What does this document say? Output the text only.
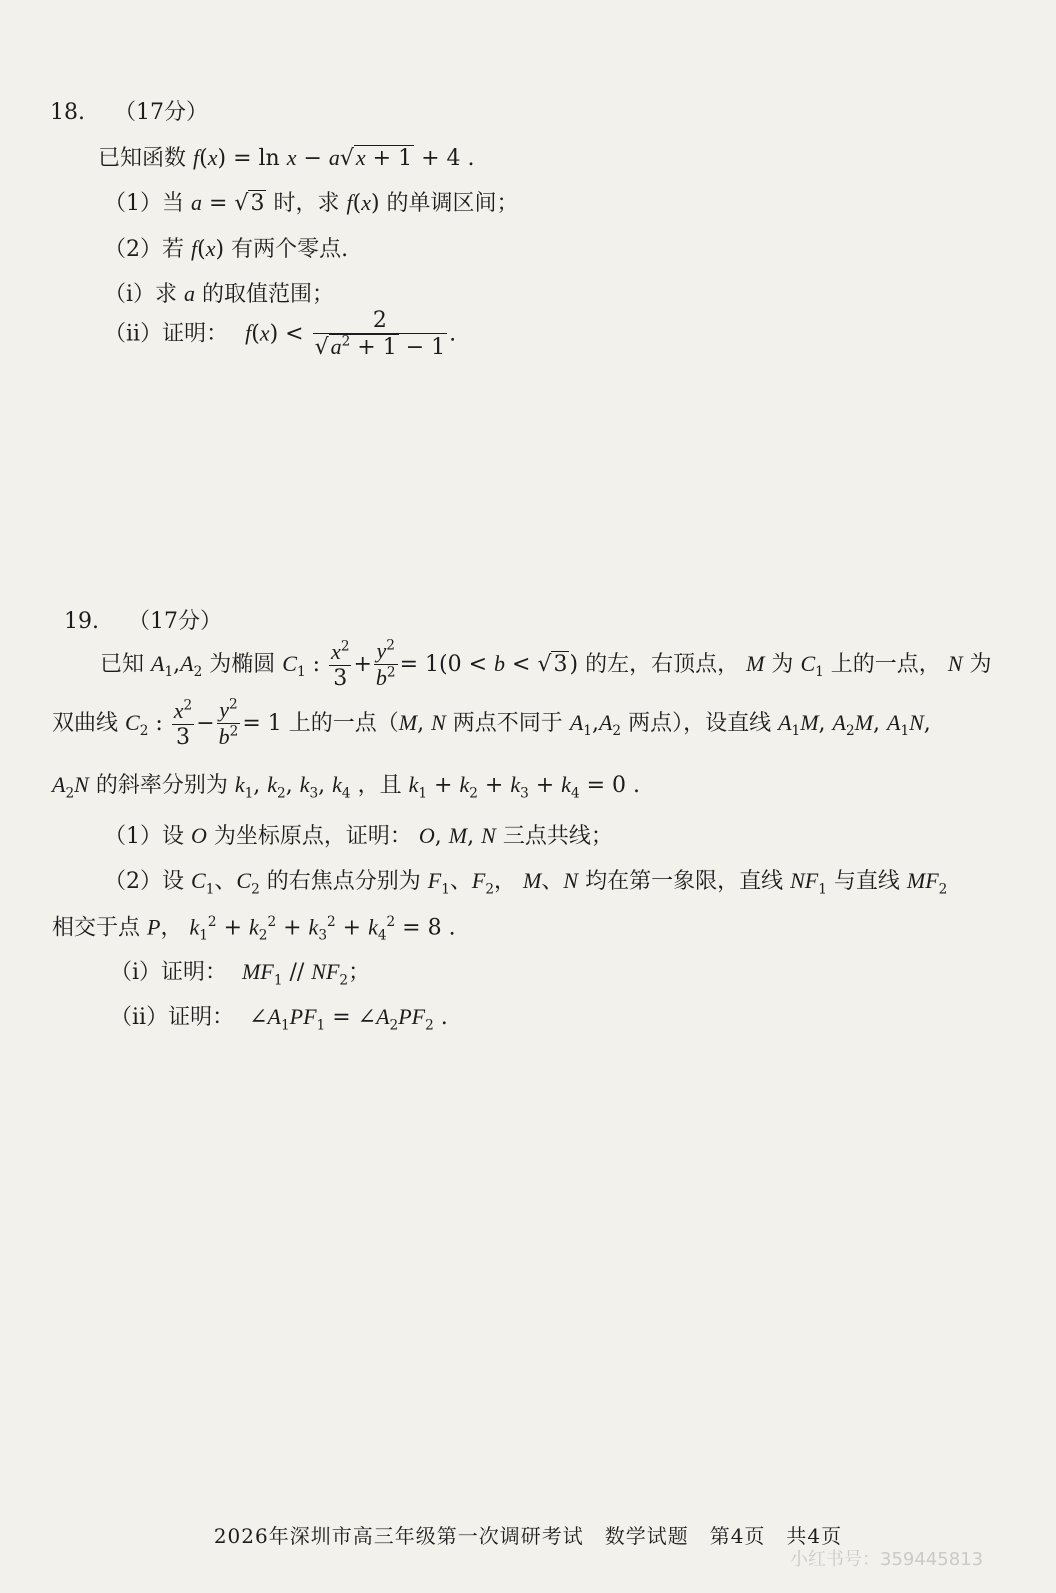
18. （17分）
已知函数 f(x) = ln x − a√x + 1 + 4 .
（1）当 a = √3 时，求 f(x) 的单调区间；
（2）若 f(x) 有两个零点.
（i）求 a 的取值范围；
（ii）证明： $f(x) < \frac{2}{√a^2 + 1 - 1}$ .
19. （17分）
已知 $A_1,A_2$ 为椭圆 $C_1$ : $\frac{x^2}{3} + \frac{y^2}{b^2} = 1(0 < b < √3)$ 的左，右顶点， M 为 $C_1$ 上的一点， N 为
双曲线 $C_2$ : $\frac{x^2}{3} - \frac{y^2}{b^2} = 1$ 上的一点（M, N 两点不同于 $A_1,A_2$ 两点），设直线 $A_1M$, $A_2M$, $A_1N$,
$A_2N$ 的斜率分别为 $k_1$, $k_2$, $k_3$, $k_4$ ，且 $k_1 + k_2 + k_3 + k_4 = 0$ .
（1）设 O 为坐标原点，证明： O, M, N 三点共线；
（2）设 $C_1$、$C_2$ 的右焦点分别为 $F_1$、$F_2$， M、N 均在第一象限，直线 $NF_1$ 与直线 $MF_2$
相交于点 P， $k_1^2 + k_2^2 + k_3^2 + k_4^2 = 8$ .
（i）证明： $MF_1 // NF_2$；
（ii）证明： $\angle A_1PF_1$ = $\angle A_2PF_2$ .
2026年深圳市高三年级第一次调研考试　数学试题　第4页　共4页
小红书号：359445813
